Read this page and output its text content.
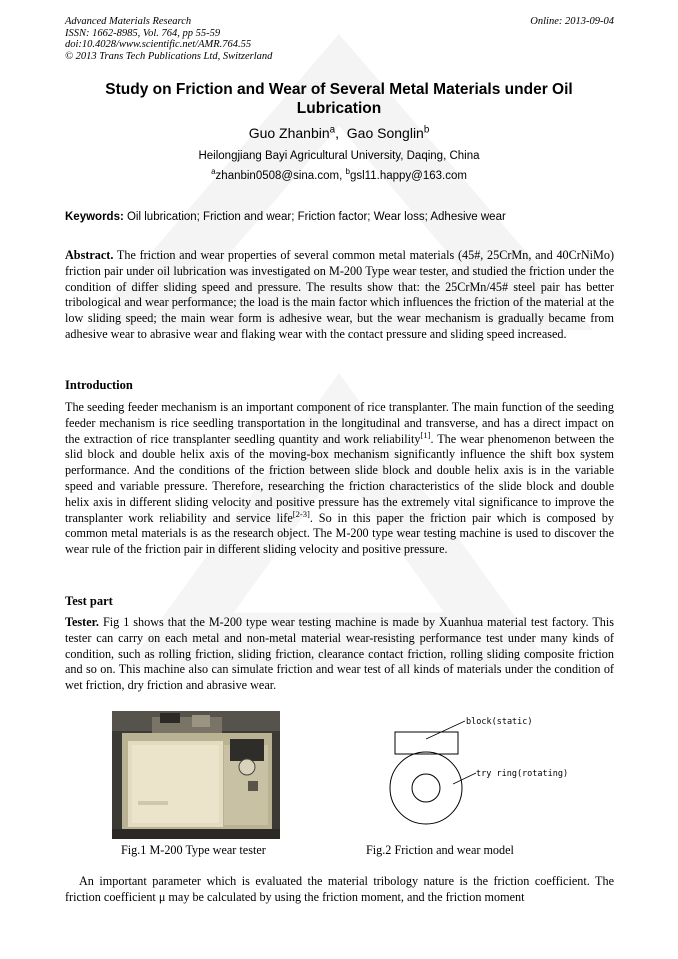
Advanced Materials Research
ISSN: 1662-8985, Vol. 764, pp 55-59
doi:10.4028/www.scientific.net/AMR.764.55
© 2013 Trans Tech Publications Ltd, Switzerland
Online: 2013-09-04
Study on Friction and Wear of Several Metal Materials under Oil Lubrication
Guo Zhanbin$^a$,  Gao Songlin$^b$
Heilongjiang Bayi Agricultural University, Daqing, China
$^a$zhanbin0508@sina.com, $^b$gsl11.happy@163.com
Keywords: Oil lubrication; Friction and wear; Friction factor; Wear loss; Adhesive wear
Abstract. The friction and wear properties of several common metal materials (45#, 25CrMn, and 40CrNiMo) friction pair under oil lubrication was investigated on M-200 Type wear tester, and studied the friction under the condition of differ sliding speed and pressure. The results show that: the 25CrMn/45# steel pair has better tribological and wear performance; the load is the main factor which influences the friction of the material at the low sliding speed; the main wear form is adhesive wear, but the wear mechanism is gradually became from adhesive wear to abrasive wear and flaking wear with the contact pressure and sliding speed increased.
Introduction
The seeding feeder mechanism is an important component of rice transplanter. The main function of the seeding feeder mechanism is rice seedling transportation in the longitudinal and transverse, and has a direct impact on the extraction of rice transplanter seedling quantity and work reliability[1]. The wear phenomenon between the slid block and double helix axis of the moving-box mechanism significantly influence the shift box system performance. And the conditions of the friction between slide block and double helix axis is in the variable speed and variable pressure. Therefore, researching the friction characteristics of the slide block and double helix axis in different sliding velocity and positive pressure has the extremely vital significance to improve the transplanter work reliability and service life[2-3]. So in this paper the friction pair which is composed by common metal materials is as the research object. The M-200 type wear testing machine is used to discover the wear rule of the friction pair in different sliding velocity and positive pressure.
Test part
Tester. Fig 1 shows that the M-200 type wear testing machine is made by Xuanhua material test factory. This tester can carry on each metal and non-metal material wear-resisting performance test under many kinds of condition, such as rolling friction, sliding friction, clearance contact friction, rolling sliding composite friction and so on. This machine also can simulate friction and wear test of all kinds of materials under the condition of wet friction, dry friction and abrasive wear.
Fig.1 M-200 Type wear tester
block(static)
try ring(rotating)
Fig.2 Friction and wear model
An important parameter which is evaluated the material tribology nature is the friction coefficient. The friction coefficient μ may be calculated by using the friction moment, and the friction moment
